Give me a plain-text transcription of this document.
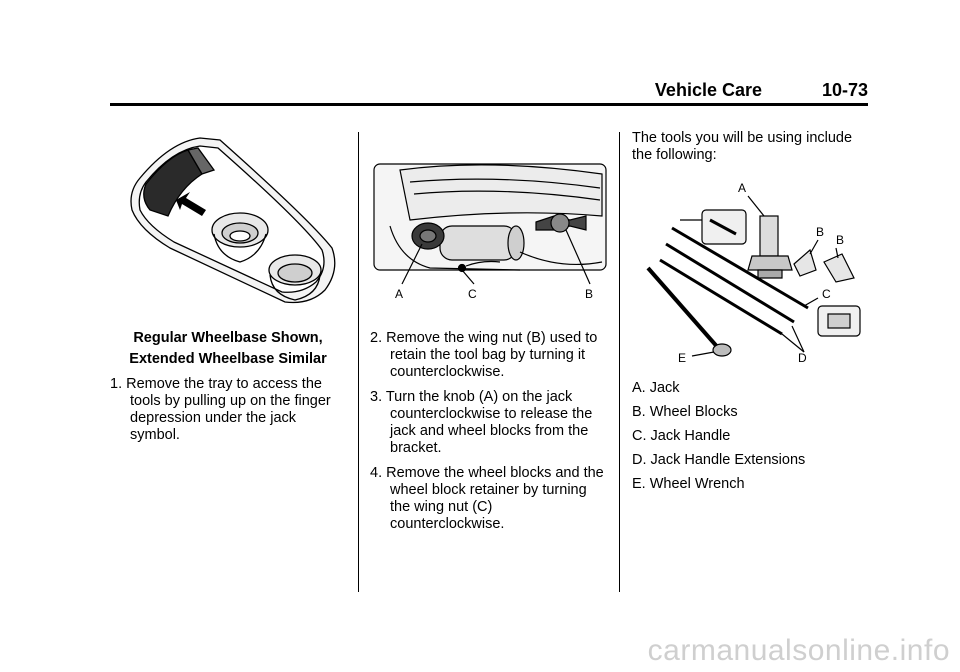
Vehicle Care	10-73

Regular Wheelbase Shown,

Extended Wheelbase Similar

1. Remove the tray to access the tools by pulling up on the finger depression under the jack symbol.

A	C	B

2. Remove the wing nut (B) used to retain the tool bag by turning it counterclockwise.

3. Turn the knob (A) on the jack counterclockwise to release the jack and wheel blocks from the bracket.

4. Remove the wheel blocks and the wheel block retainer by turning the wing nut (C) counterclockwise.

The tools you will be using include the following:

A
B
B
C
D
E
A. Jack
B. Wheel Blocks
C. Jack Handle
D. Jack Handle Extensions
E. Wheel Wrench
carmanualsonline.info
